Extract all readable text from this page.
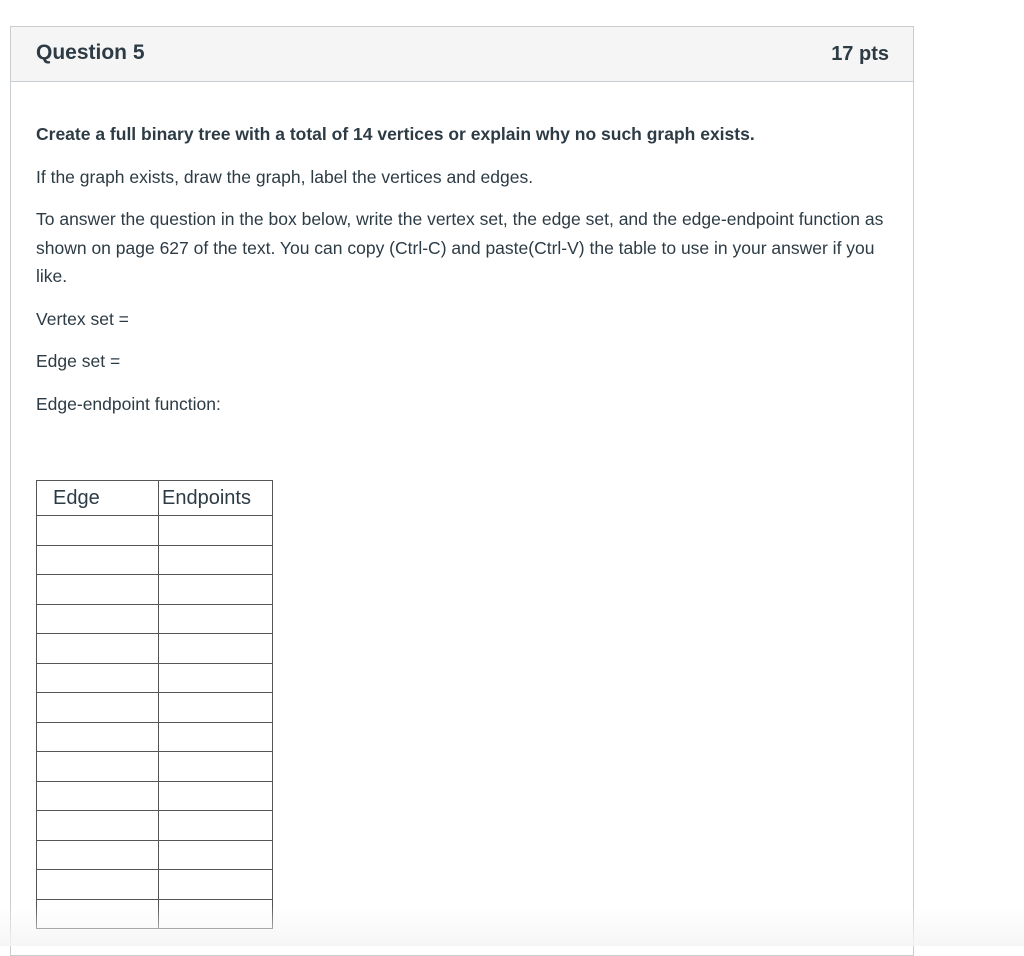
Question 5	17 pts

Create a full binary tree with a total of 14 vertices or explain why no such graph exists.

If the graph exists, draw the graph, label the vertices and edges.

To answer the question in the box below, write the vertex set, the edge set, and the edge-endpoint function as shown on page 627 of the text. You can copy (Ctrl-C) and paste(Ctrl-V) the table to use in your answer if you like.

Vertex set =

Edge set =

Edge-endpoint function:

Edge	Endpoints
